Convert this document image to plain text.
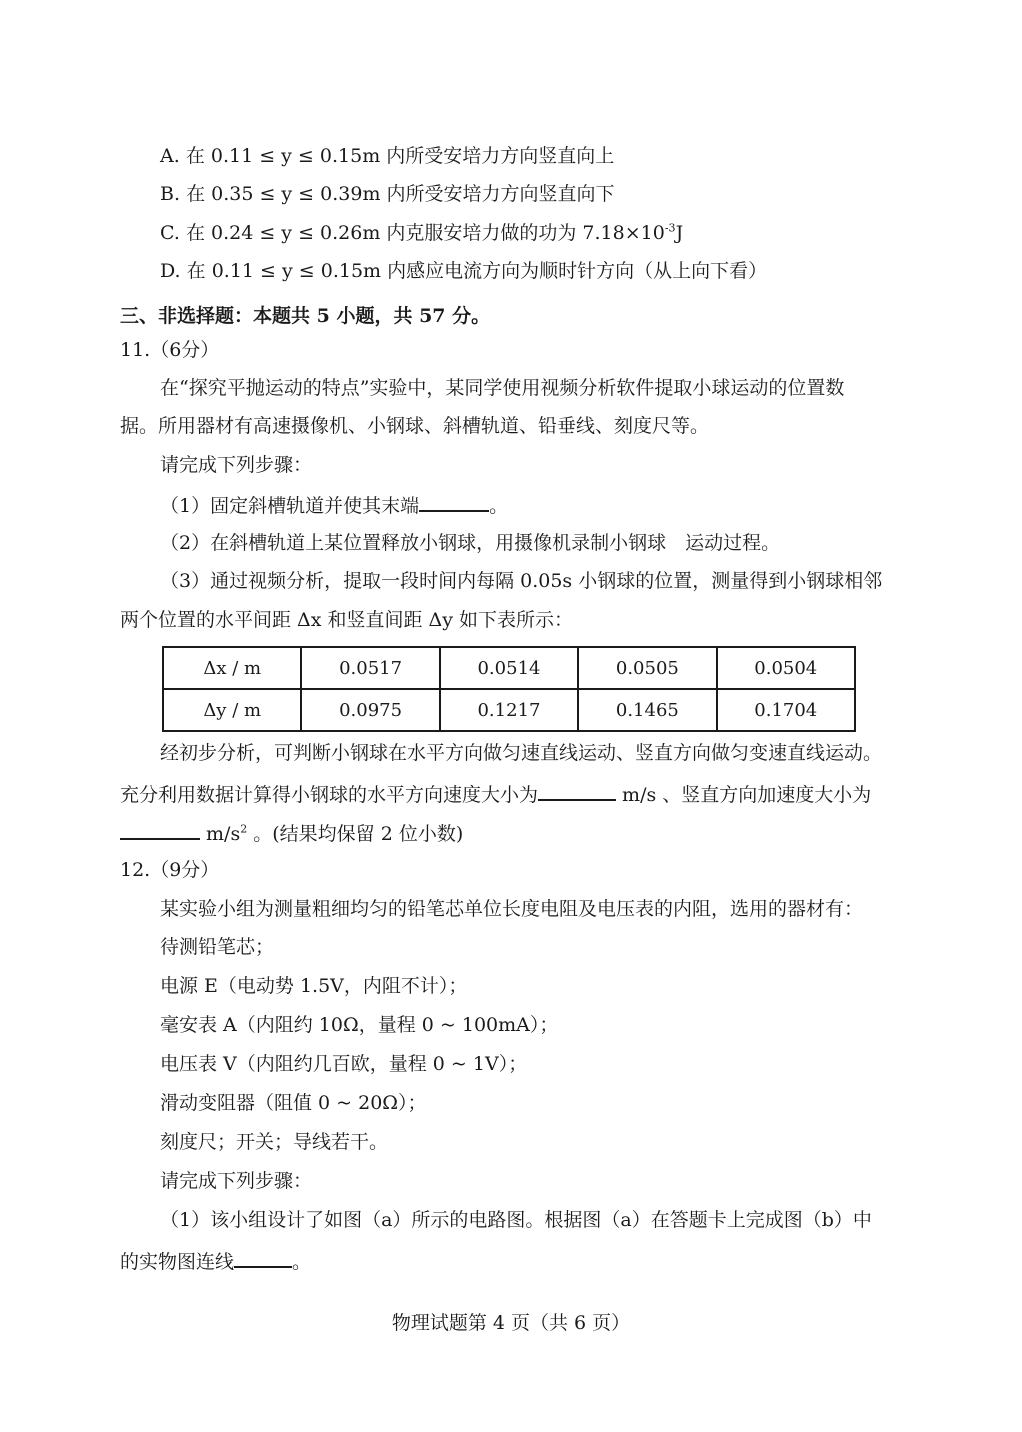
A. 在 0.11 ≤ y ≤ 0.15m 内所受安培力方向竖直向上
B. 在 0.35 ≤ y ≤ 0.39m 内所受安培力方向竖直向下
C. 在 0.24 ≤ y ≤ 0.26m 内克服安培力做的功为 $7.18\times 10^{-3}J$
D. 在 0.11 ≤ y ≤ 0.15m 内感应电流方向为顺时针方向（从上向下看）
三、非选择题：本题共 5 小题，共 57 分。
11.（6分）
在“探究平抛运动的特点”实验中，某同学使用视频分析软件提取小球运动的位置数
据。所用器材有高速摄像机、小钢球、斜槽轨道、铅垂线、刻度尺等。
请完成下列步骤：
（1）固定斜槽轨道并使其末端	。
（2）在斜槽轨道上某位置释放小钢球，用摄像机录制小钢球　运动过程。
（3）通过视频分析，提取一段时间内每隔 0.05s 小钢球的位置，测量得到小钢球相邻
两个位置的水平间距 Δx 和竖直间距 Δy 如下表所示：
Δx / m	0.0517	0.0514	0.0505	0.0504
Δy / m	0.0975	0.1217	0.1465	0.1704
经初步分析，可判断小钢球在水平方向做匀速直线运动、竖直方向做匀变速直线运动。
充分利用数据计算得小钢球的水平方向速度大小为	m/s 、竖直方向加速度大小为
$m/s^2$ 。(结果均保留 2 位小数)
12.（9分）
某实验小组为测量粗细均匀的铅笔芯单位长度电阻及电压表的内阻，选用的器材有：
待测铅笔芯；
电源 E（电动势 1.5V，内阻不计）；
毫安表 A（内阻约 10Ω，量程 0 ~ 100mA）；
电压表 V（内阻约几百欧，量程 0 ~ 1V）；
滑动变阻器（阻值 0 ~ 20Ω）；
刻度尺；开关；导线若干。
请完成下列步骤：
（1）该小组设计了如图（a）所示的电路图。根据图（a）在答题卡上完成图（b）中
的实物图连线	。
物理试题第 4 页（共 6 页）
